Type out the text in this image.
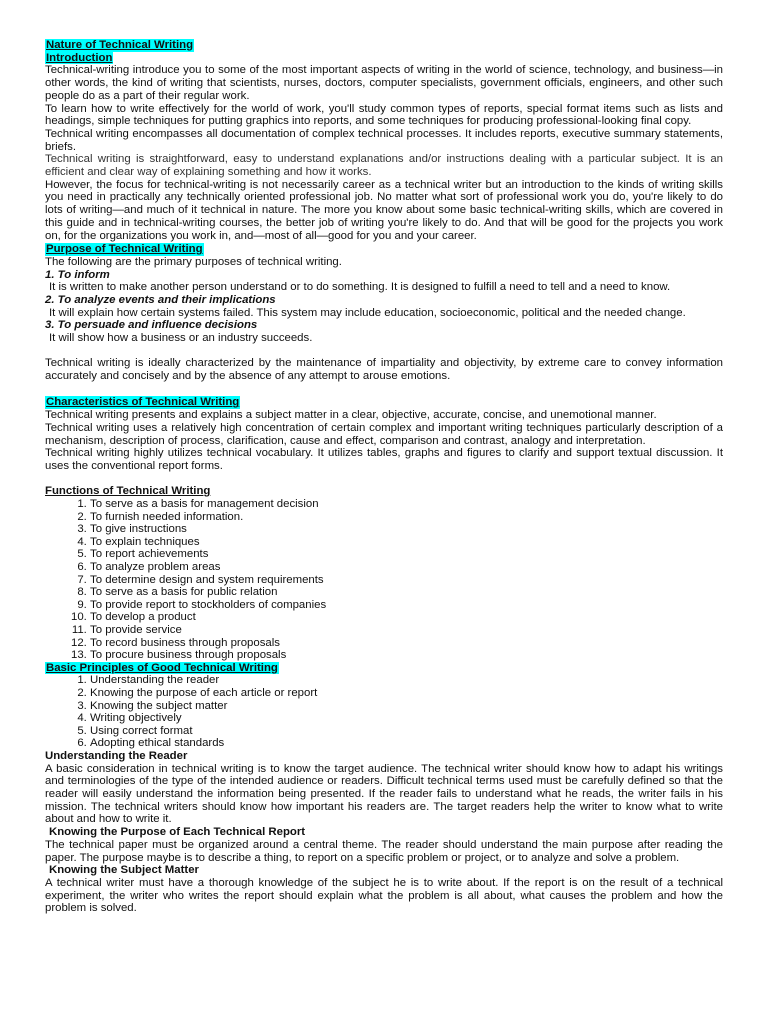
Nature of Technical Writing
Introduction

Technical-writing introduce you to some of the most important aspects of writing in the world of science, technology, and business—in other words, the kind of writing that scientists, nurses, doctors, computer specialists, government officials, engineers, and other such people do as a part of their regular work.

To learn how to write effectively for the world of work, you'll study common types of reports, special format items such as lists and headings, simple techniques for putting graphics into reports, and some techniques for producing professional-looking final copy.

Technical writing encompasses all documentation of complex technical processes. It includes reports, executive summary statements, briefs.

Technical writing is straightforward, easy to understand explanations and/or instructions dealing with a particular subject. It is an efficient and clear way of explaining something and how it works.

However, the focus for technical-writing is not necessarily career as a technical writer but an introduction to the kinds of writing skills you need in practically any technically oriented professional job. No matter what sort of professional work you do, you're likely to do lots of writing—and much of it technical in nature. The more you know about some basic technical-writing skills, which are covered in this guide and in technical-writing courses, the better job of writing you're likely to do. And that will be good for the projects you work on, for the organizations you work in, and—most of all—good for you and your career.

Purpose of Technical Writing

The following are the primary purposes of technical writing.

1. To inform

It is written to make another person understand or to do something. It is designed to fulfill a need to tell and a need to know.

2. To analyze events and their implications

It will explain how certain systems failed. This system may include education, socioeconomic, political and the needed change.

3. To persuade and influence decisions

It will show how a business or an industry succeeds.

Technical writing is ideally characterized by the maintenance of impartiality and objectivity, by extreme care to convey information accurately and concisely and by the absence of any attempt to arouse emotions.

Characteristics of Technical Writing

Technical writing presents and explains a subject matter in a clear, objective, accurate, concise, and unemotional manner.

Technical writing uses a relatively high concentration of certain complex and important writing techniques particularly description of a mechanism, description of process, clarification, cause and effect, comparison and contrast, analogy and interpretation.

Technical writing highly utilizes technical vocabulary. It utilizes tables, graphs and figures to clarify and support textual discussion. It uses the conventional report forms.

Functions of Technical Writing

1. To serve as a basis for management decision
2. To furnish needed information.
3. To give instructions
4. To explain techniques
5. To report achievements
6. To analyze problem areas
7. To determine design and system requirements
8. To serve as a basis for public relation
9. To provide report to stockholders of companies
10. To develop a product
11. To provide service
12. To record business through proposals
13. To procure business through proposals
Basic Principles of Good Technical Writing
1. Understanding the reader
2. Knowing the purpose of each article or report
3. Knowing the subject matter
4. Writing objectively
5. Using correct format
6. Adopting ethical standards

Understanding the Reader

A basic consideration in technical writing is to know the target audience. The technical writer should know how to adapt his writings and terminologies of the type of the intended audience or readers. Difficult technical terms used must be carefully defined so that the reader will easily understand the information being presented. If the reader fails to understand what he reads, the writer fails in his mission. The technical writers should know how important his readers are. The target readers help the writer to know what to write about and how to write it.

Knowing the Purpose of Each Technical Report

The technical paper must be organized around a central theme. The reader should understand the main purpose after reading the paper. The purpose maybe is to describe a thing, to report on a specific problem or project, or to analyze and solve a problem.

Knowing the Subject Matter

A technical writer must have a thorough knowledge of the subject he is to write about. If the report is on the result of a technical experiment, the writer who writes the report should explain what the problem is all about, what causes the problem and how the problem is solved.
